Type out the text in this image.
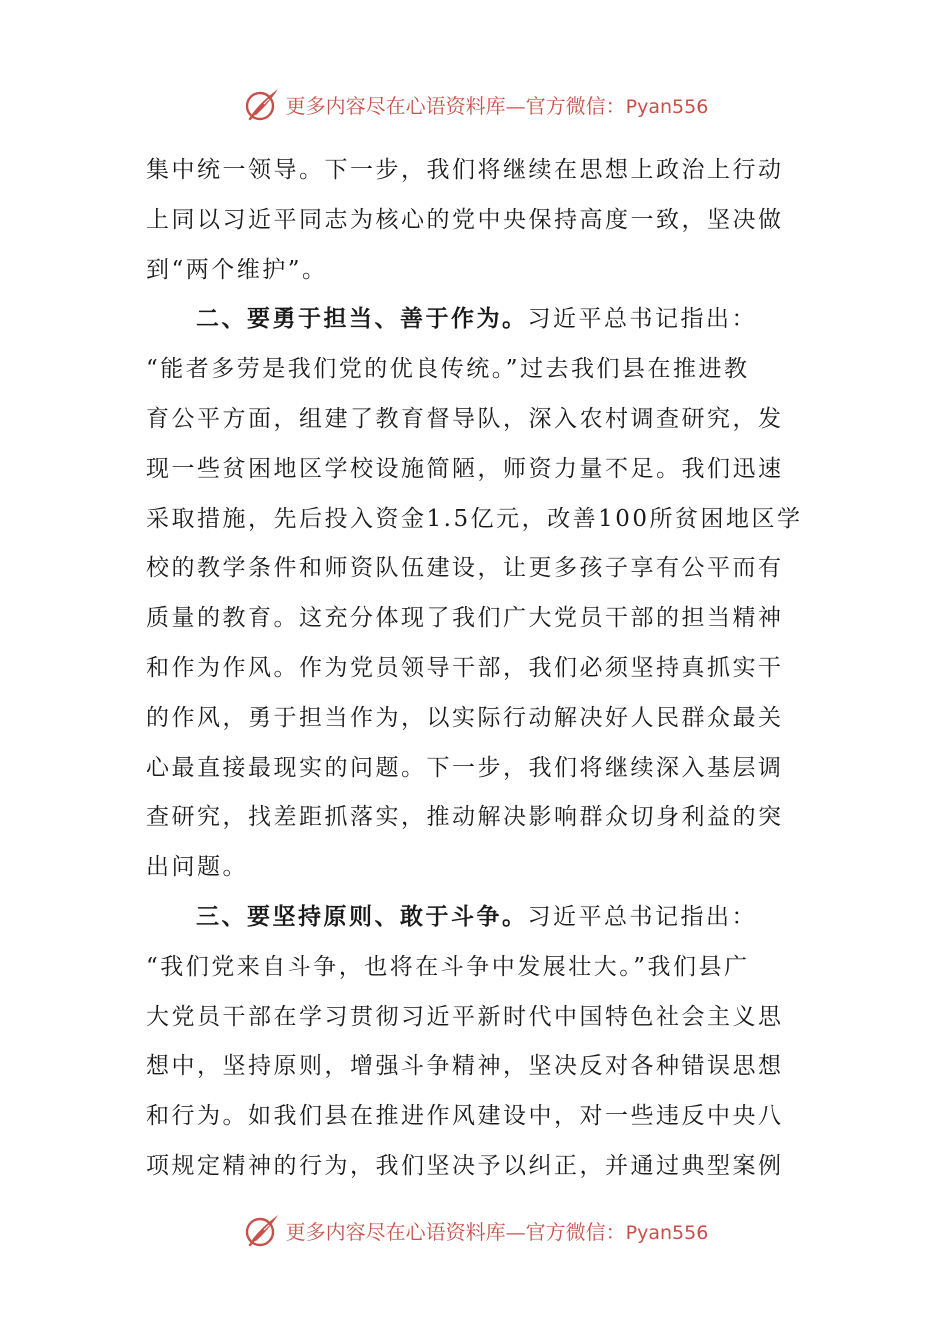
更多内容尽在心语资料库—官方微信：Pyan556
集中统一领导。下一步，我们将继续在思想上政治上行动
上同以习近平同志为核心的党中央保持高度一致，坚决做
到“两个维护”。
二、要勇于担当、善于作为。习近平总书记指出：
“能者多劳是我们党的优良传统。”过去我们县在推进教
育公平方面，组建了教育督导队，深入农村调查研究，发
现一些贫困地区学校设施简陋，师资力量不足。我们迅速
采取措施，先后投入资金1.5亿元，改善100所贫困地区学
校的教学条件和师资队伍建设，让更多孩子享有公平而有
质量的教育。这充分体现了我们广大党员干部的担当精神
和作为作风。作为党员领导干部，我们必须坚持真抓实干
的作风，勇于担当作为，以实际行动解决好人民群众最关
心最直接最现实的问题。下一步，我们将继续深入基层调
查研究，找差距抓落实，推动解决影响群众切身利益的突
出问题。
三、要坚持原则、敢于斗争。习近平总书记指出：
“我们党来自斗争，也将在斗争中发展壮大。”我们县广
大党员干部在学习贯彻习近平新时代中国特色社会主义思
想中，坚持原则，增强斗争精神，坚决反对各种错误思想
和行为。如我们县在推进作风建设中，对一些违反中央八
项规定精神的行为，我们坚决予以纠正，并通过典型案例
更多内容尽在心语资料库—官方微信：Pyan556
